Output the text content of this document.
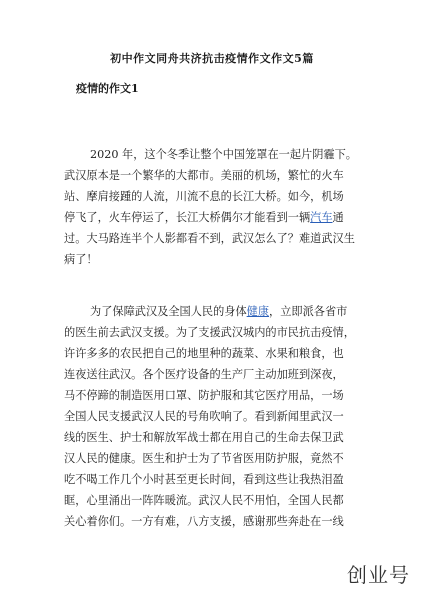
初中作文同舟共济抗击疫情作文作文5篇
疫情的作文1
2020 年，这个冬季让整个中国笼罩在一起片阴霾下。
武汉原本是一个繁华的大都市。美丽的机场，繁忙的火车
站、摩肩接踵的人流，川流不息的长江大桥。如今，机场
停飞了，火车停运了，长江大桥偶尔才能看到一辆汽车通
过。大马路连半个人影都看不到，武汉怎么了？难道武汉生
病了！
为了保障武汉及全国人民的身体健康，立即派各省市
的医生前去武汉支援。为了支援武汉城内的市民抗击疫情，
许许多多的农民把自己的地里种的蔬菜、水果和粮食，也
连夜送往武汉。各个医疗设备的生产厂主动加班到深夜，
马不停蹄的制造医用口罩、防护服和其它医疗用品，一场
全国人民支援武汉人民的号角吹响了。看到新闻里武汉一
线的医生、护士和解放军战士都在用自己的生命去保卫武
汉人民的健康。医生和护士为了节省医用防护服，竟然不
吃不喝工作几个小时甚至更长时间，看到这些让我热泪盈
眶，心里涌出一阵阵暖流。武汉人民不用怕，全国人民都
关心着你们。一方有难，八方支援，感谢那些奔赴在一线
创业号
